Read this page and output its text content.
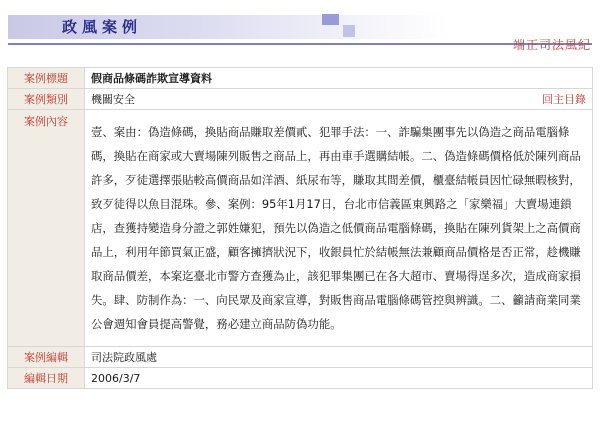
政風案例
端正司法風紀
案例標題	假商品條碼詐欺宣導資料
案例類別	機關安全 回主目錄

案例內容	壹、案由：偽造條碼，換貼商品賺取差價貳、犯罪手法：一、詐騙集團事先以偽造之商品電腦條碼，換貼在商家或大賣場陳列販售之商品上，再由車手選購結帳。二、偽造條碼價格低於陳列商品許多，歹徒選擇張貼較高價商品如洋酒、紙尿布等，賺取其間差價，櫃臺結帳員因忙碌無暇核對，致歹徒得以魚目混珠。參、案例：95年1月17日，台北市信義區東興路之「家樂福」大賣場連鎖店，查獲持變造身分證之郭姓嫌犯，預先以偽造之低價商品電腦條碼，換貼在陳列貨架上之高價商品上，利用年節買氣正盛，顧客擁擠狀況下，收銀員忙於結帳無法兼顧商品價格是否正常，趁機賺取商品價差，本案迄臺北市警方查獲為止，該犯罪集團已在各大超市、賣場得逞多次，造成商家損失。肆、防制作為：一、向民眾及商家宣導，對販售商品電腦條碼管控與辨識。二、籲請商業同業公會週知會員提高警覺，務必建立商品防偽功能。
案例編輯	司法院政風處
編輯日期	2006/3/7
